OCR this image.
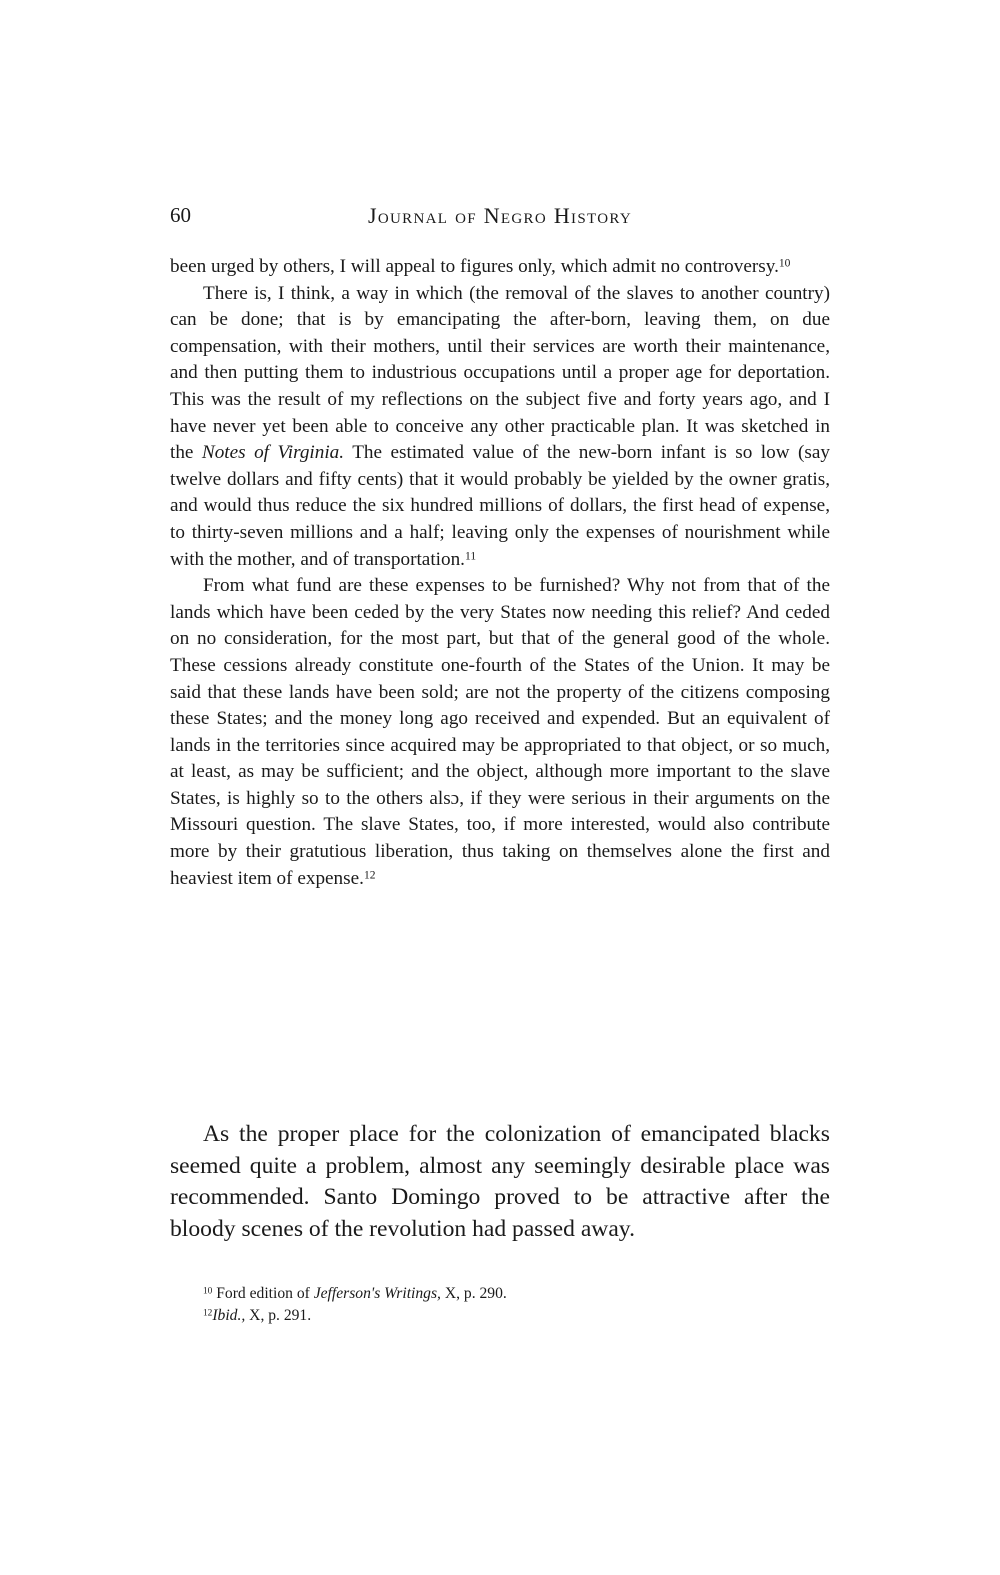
60	Journal of Negro History

been urged by others, I will appeal to figures only, which admit no controversy.$^{10}$

There is, I think, a way in which (the removal of the slaves to another country) can be done; that is by emancipating the after-born, leaving them, on due compensation, with their mothers, until their services are worth their maintenance, and then putting them to industrious occupations until a proper age for deportation. This was the result of my reflections on the subject five and forty years ago, and I have never yet been able to conceive any other practicable plan. It was sketched in the Notes of Virginia. The estimated value of the new-born infant is so low (say twelve dollars and fifty cents) that it would probably be yielded by the owner gratis, and would thus reduce the six hundred millions of dollars, the first head of expense, to thirty-seven millions and a half; leaving only the expenses of nourishment while with the mother, and of transportation.$^{11}$

From what fund are these expenses to be furnished? Why not from that of the lands which have been ceded by the very States now needing this relief? And ceded on no consideration, for the most part, but that of the general good of the whole. These cessions already constitute one-fourth of the States of the Union. It may be said that these lands have been sold; are not the property of the citizens composing these States; and the money long ago received and expended. But an equivalent of lands in the territories since acquired may be appropriated to that object, or so much, at least, as may be sufficient; and the object, although more important to the slave States, is highly so to the others alsɔ, if they were serious in their arguments on the Missouri question. The slave States, too, if more interested, would also contribute more by their gratutious liberation, thus taking on themselves alone the first and heaviest item of expense.$^{12}$

As the proper place for the colonization of emancipated blacks seemed quite a problem, almost any seemingly desirable place was recommended. Santo Domingo proved to be attractive after the bloody scenes of the revolution had passed away.

$^{10}$ Ford edition of Jefferson's Writings, X, p. 290.

$^{12}$Ibid., X, p. 291.
